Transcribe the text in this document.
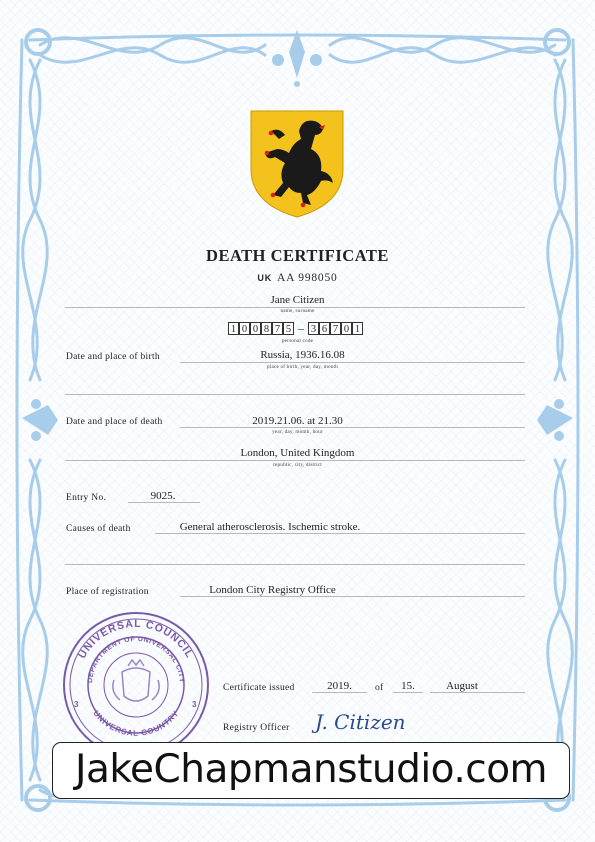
DEATH CERTIFICATE
UK AA 998050
Jane Citizen
name, surname
1 0 0 8 7 5 – 3 6 7 0 1
personal code
Date and place of birth	Russia, 1936.16.08
place of birth, year, day, month
Date and place of death	2019.21.06. at 21.30
year, day, month, hour
London, United Kingdom
republic, city, district
Entry No.	9025.
Causes of death	General atherosclerosis. Ischemic stroke.
Place of registration	London City Registry Office
UNIVERSAL COUNCIL
DEPARTMENT OF UNIVERSAL CITY
UNIVERSAL COUNTRY
3	3
Certificate issued	2019.	of	15.	August
Registry Officer J. Citizen
JakeChapmanstudio.com
